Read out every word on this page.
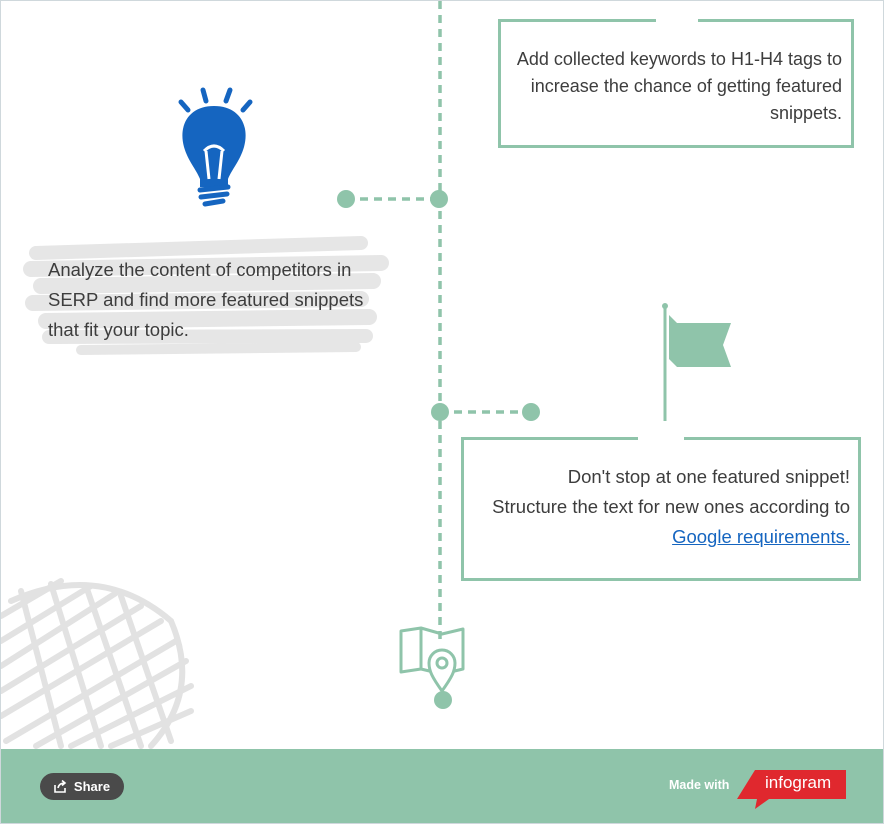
Add collected keywords to H1-H4 tags to increase the chance of getting featured snippets.
Analyze the content of competitors in SERP and find more featured snippets that fit your topic.
Don't stop at one featured snippet!
Structure the text for new ones according to
Google requirements.
Share	Made with infogram
